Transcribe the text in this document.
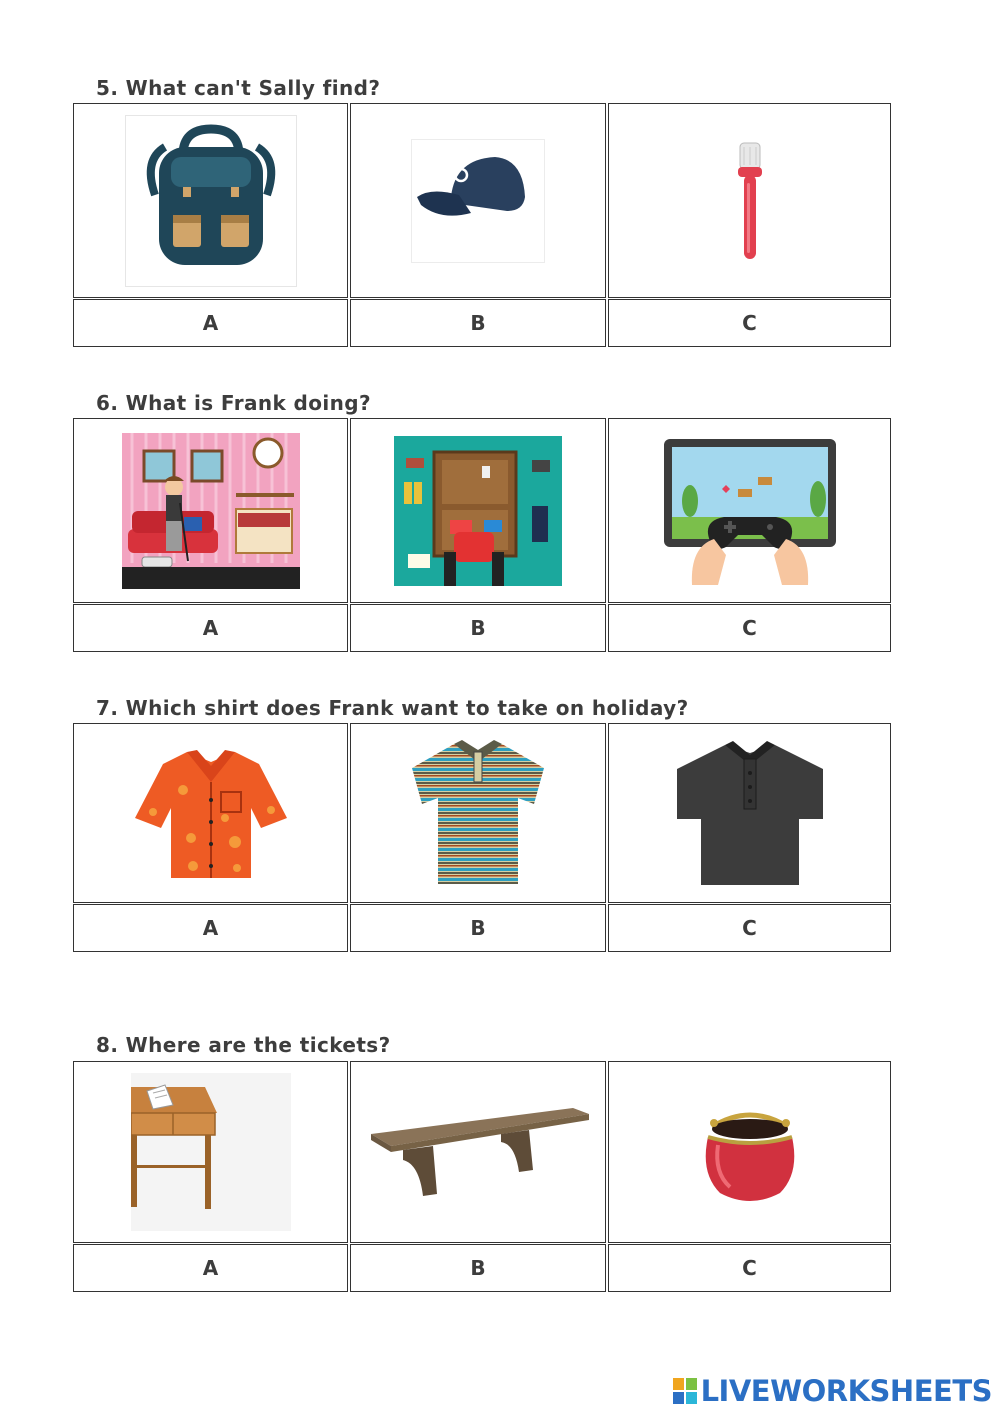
5. What can't Sally find?
A	B	C
6. What is Frank doing?
A	B	C
7. Which shirt does Frank want to take on holiday?
A	B	C
8. Where are the tickets?
A	B	C
LIVEWORKSHEETS
